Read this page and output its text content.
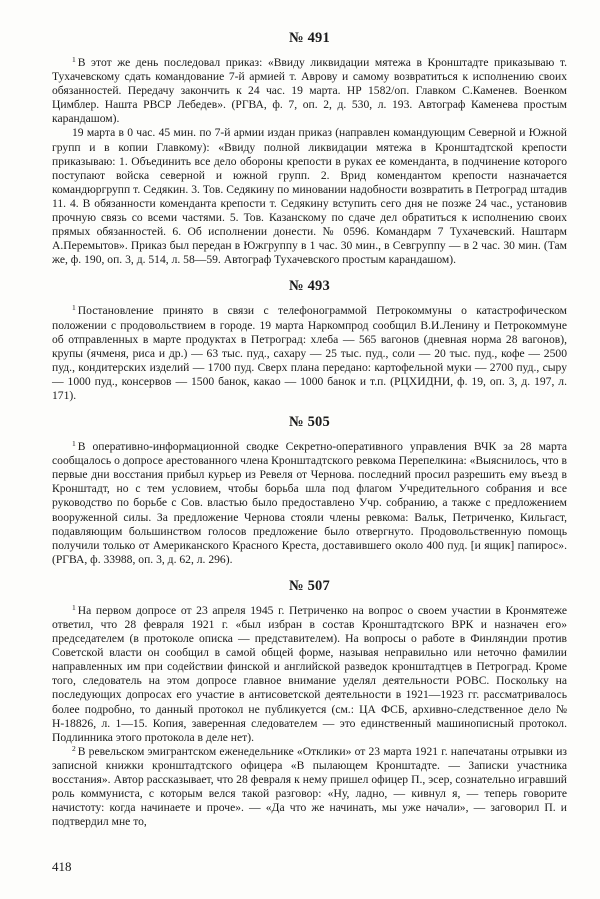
№ 491

$^1$ В этот же день последовал приказ: «Ввиду ликвидации мятежа в Кронштадте приказываю т. Тухачевскому сдать командование 7-й армией т. Аврову и самому возвратиться к исполнению своих обязанностей. Передачу закончить к 24 час. 19 марта. НР 1582/оп. Главком С.Каменев. Военком Цимблер. Нашта РВСР Лебедев». (РГВА, ф. 7, оп. 2, д. 530, л. 193. Автограф Каменева простым карандашом).

19 марта в 0 час. 45 мин. по 7-й армии издан приказ (направлен командующим Северной и Южной групп и в копии Главкому): «Ввиду полной ликвидации мятежа в Кронштадтской крепости приказываю: 1. Объединить все дело обороны крепости в руках ее коменданта, в подчинение которого поступают войска северной и южной групп. 2. Врид комендантом крепости назначается командюргрупп т. Седякин. 3. Тов. Седякину по миновании надобности возвратить в Петроград штадив 11. 4. В обязанности коменданта крепости т. Седякину вступить сего дня не позже 24 час., установив прочную связь со всеми частями. 5. Тов. Казанскому по сдаче дел обратиться к исполнению своих прямых обязанностей. 6. Об исполнении донести. № 0596. Командарм 7 Тухачевский. Наштарм А.Перемытов». Приказ был передан в Южгруппу в 1 час. 30 мин., в Севгруппу — в 2 час. 30 мин. (Там же, ф. 190, оп. 3, д. 514, л. 58—59. Автограф Тухачевского простым карандашом).

№ 493

$^1$ Постановление принято в связи с телефонограммой Петрокоммуны о катастрофическом положении с продовольствием в городе. 19 марта Наркомпрод сообщил В.И.Ленину и Петрокоммуне об отправленных в марте продуктах в Петроград: хлеба — 565 вагонов (дневная норма 28 вагонов), крупы (ячменя, риса и др.) — 63 тыс. пуд., сахару — 25 тыс. пуд., соли — 20 тыс. пуд., кофе — 2500 пуд., кондитерских изделий — 1700 пуд. Сверх плана передано: картофельной муки — 2700 пуд., сыру — 1000 пуд., консервов — 1500 банок, какао — 1000 банок и т.п. (РЦХИДНИ, ф. 19, оп. 3, д. 197, л. 171).

№ 505

$^1$ В оперативно-информационной сводке Секретно-оперативного управления ВЧК за 28 марта сообщалось о допросе арестованного члена Кронштадтского ревкома Перепелкина: «Выяснилось, что в первые дни восстания прибыл курьер из Ревеля от Чернова. последний просил разрешить ему въезд в Кронштадт, но с тем условием, чтобы борьба шла под флагом Учредительного собрания и все руководство по борьбе с Сов. властью было предоставлено Учр. собранию, а также с предложением вооруженной силы. За предложение Чернова стояли члены ревкома: Вальк, Петриченко, Кильгаст, подавляющим большинством голосов предложение было отвергнуто. Продовольственную помощь получили только от Американского Красного Креста, доставившего около 400 пуд. [и ящик] папирос». (РГВА, ф. 33988, оп. 3, д. 62, л. 296).

№ 507

$^1$ На первом допросе от 23 апреля 1945 г. Петриченко на вопрос о своем участии в Кронмятеже ответил, что 28 февраля 1921 г. «был избран в состав Кронштадтского ВРК и назначен его» председателем (в протоколе описка — представителем). На вопросы о работе в Финляндии против Советской власти он сообщил в самой общей форме, называя неправильно или неточно фамилии направленных им при содействии финской и английской разведок кронштадтцев в Петроград. Кроме того, следователь на этом допросе главное внимание уделял деятельности РОВС. Поскольку на последующих допросах его участие в антисоветской деятельности в 1921—1923 гг. рассматривалось более подробно, то данный протокол не публикуется (см.: ЦА ФСБ, архивно-следственное дело № Н-18826, л. 1—15. Копия, заверенная следователем — это единственный машинописный протокол. Подлинника этого протокола в деле нет).

$^2$ В ревельском эмигрантском еженедельнике «Отклики» от 23 марта 1921 г. напечатаны отрывки из записной книжки кронштадтского офицера «В пылающем Кронштадте. — Записки участника восстания». Автор рассказывает, что 28 февраля к нему пришел офицер П., эсер, сознательно игравший роль коммуниста, с которым велся такой разговор: «Ну, ладно, — кивнул я, — теперь говорите начистоту: когда начинаете и проче». — «Да что же начинать, мы уже начали», — заговорил П. и подтвердил мне то,

418
